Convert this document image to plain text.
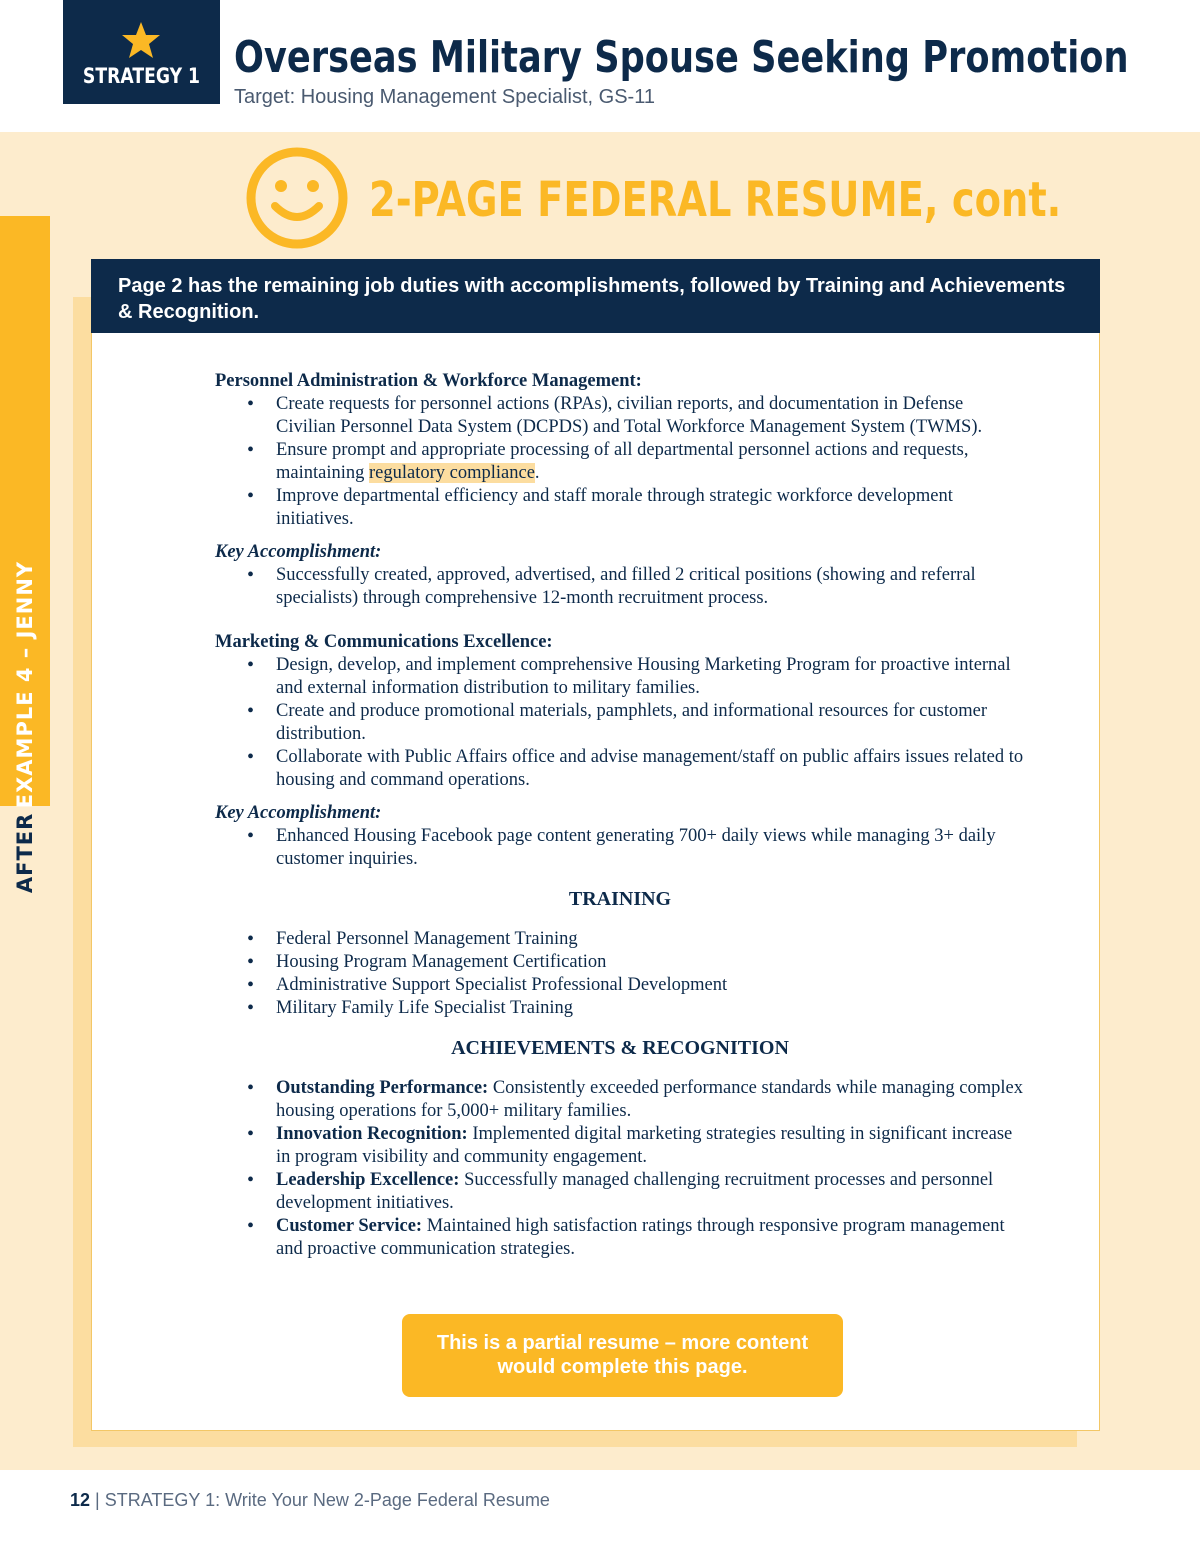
STRATEGY 1 Overseas Military Spouse Seeking Promotion
Target: Housing Management Specialist, GS-11
AFTER EXAMPLE 4 – JENNY
2-PAGE FEDERAL RESUME, cont.
Page 2 has the remaining job duties with accomplishments, followed by Training and Achievements & Recognition.
Personnel Administration & Workforce Management:
• Create requests for personnel actions (RPAs), civilian reports, and documentation in Defense Civilian Personnel Data System (DCPDS) and Total Workforce Management System (TWMS).
• Ensure prompt and appropriate processing of all departmental personnel actions and requests, maintaining regulatory compliance.
• Improve departmental efficiency and staff morale through strategic workforce development initiatives.
Key Accomplishment:
• Successfully created, approved, advertised, and filled 2 critical positions (showing and referral specialists) through comprehensive 12-month recruitment process.
Marketing & Communications Excellence:
• Design, develop, and implement comprehensive Housing Marketing Program for proactive internal and external information distribution to military families.
• Create and produce promotional materials, pamphlets, and informational resources for customer distribution.
• Collaborate with Public Affairs office and advise management/staff on public affairs issues related to housing and command operations.
Key Accomplishment:
• Enhanced Housing Facebook page content generating 700+ daily views while managing 3+ daily customer inquiries.
TRAINING
• Federal Personnel Management Training
• Housing Program Management Certification
• Administrative Support Specialist Professional Development
• Military Family Life Specialist Training
ACHIEVEMENTS & RECOGNITION
• Outstanding Performance: Consistently exceeded performance standards while managing complex housing operations for 5,000+ military families.
• Innovation Recognition: Implemented digital marketing strategies resulting in significant increase in program visibility and community engagement.
• Leadership Excellence: Successfully managed challenging recruitment processes and personnel development initiatives.
• Customer Service: Maintained high satisfaction ratings through responsive program management and proactive communication strategies.
This is a partial resume – more content
would complete this page.
12 | STRATEGY 1: Write Your New 2-Page Federal Resume
